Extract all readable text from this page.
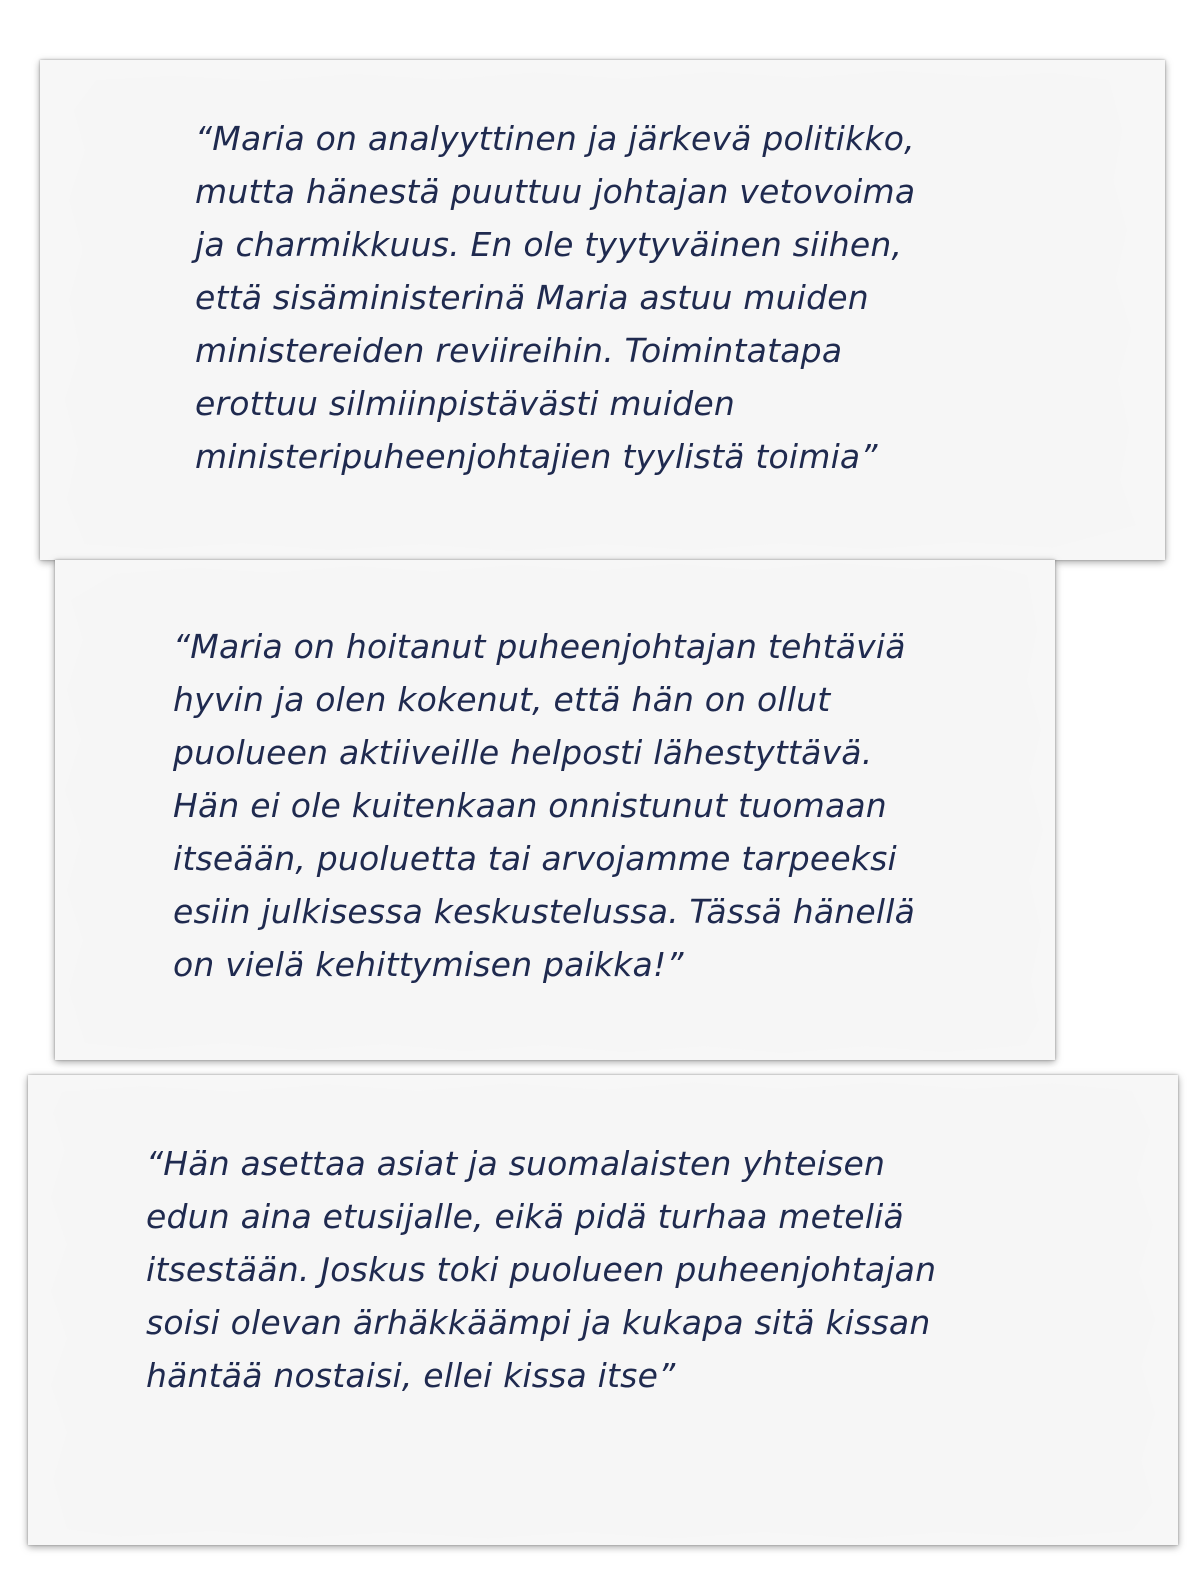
“Maria on analyyttinen ja järkevä politikko,
mutta hänestä puuttuu johtajan vetovoima
ja charmikkuus. En ole tyytyväinen siihen,
että sisäministerinä Maria astuu muiden
ministereiden reviireihin. Toimintatapa
erottuu silmiinpistävästi muiden
ministeripuheenjohtajien tyylistä toimia”

“Maria on hoitanut puheenjohtajan tehtäviä
hyvin ja olen kokenut, että hän on ollut
puolueen aktiiveille helposti lähestyttävä.
Hän ei ole kuitenkaan onnistunut tuomaan
itseään, puoluetta tai arvojamme tarpeeksi
esiin julkisessa keskustelussa. Tässä hänellä
on vielä kehittymisen paikka!”

“Hän asettaa asiat ja suomalaisten yhteisen
edun aina etusijalle, eikä pidä turhaa meteliä
itsestään. Joskus toki puolueen puheenjohtajan
soisi olevan ärhäkkäämpi ja kukapa sitä kissan
häntää nostaisi, ellei kissa itse”
